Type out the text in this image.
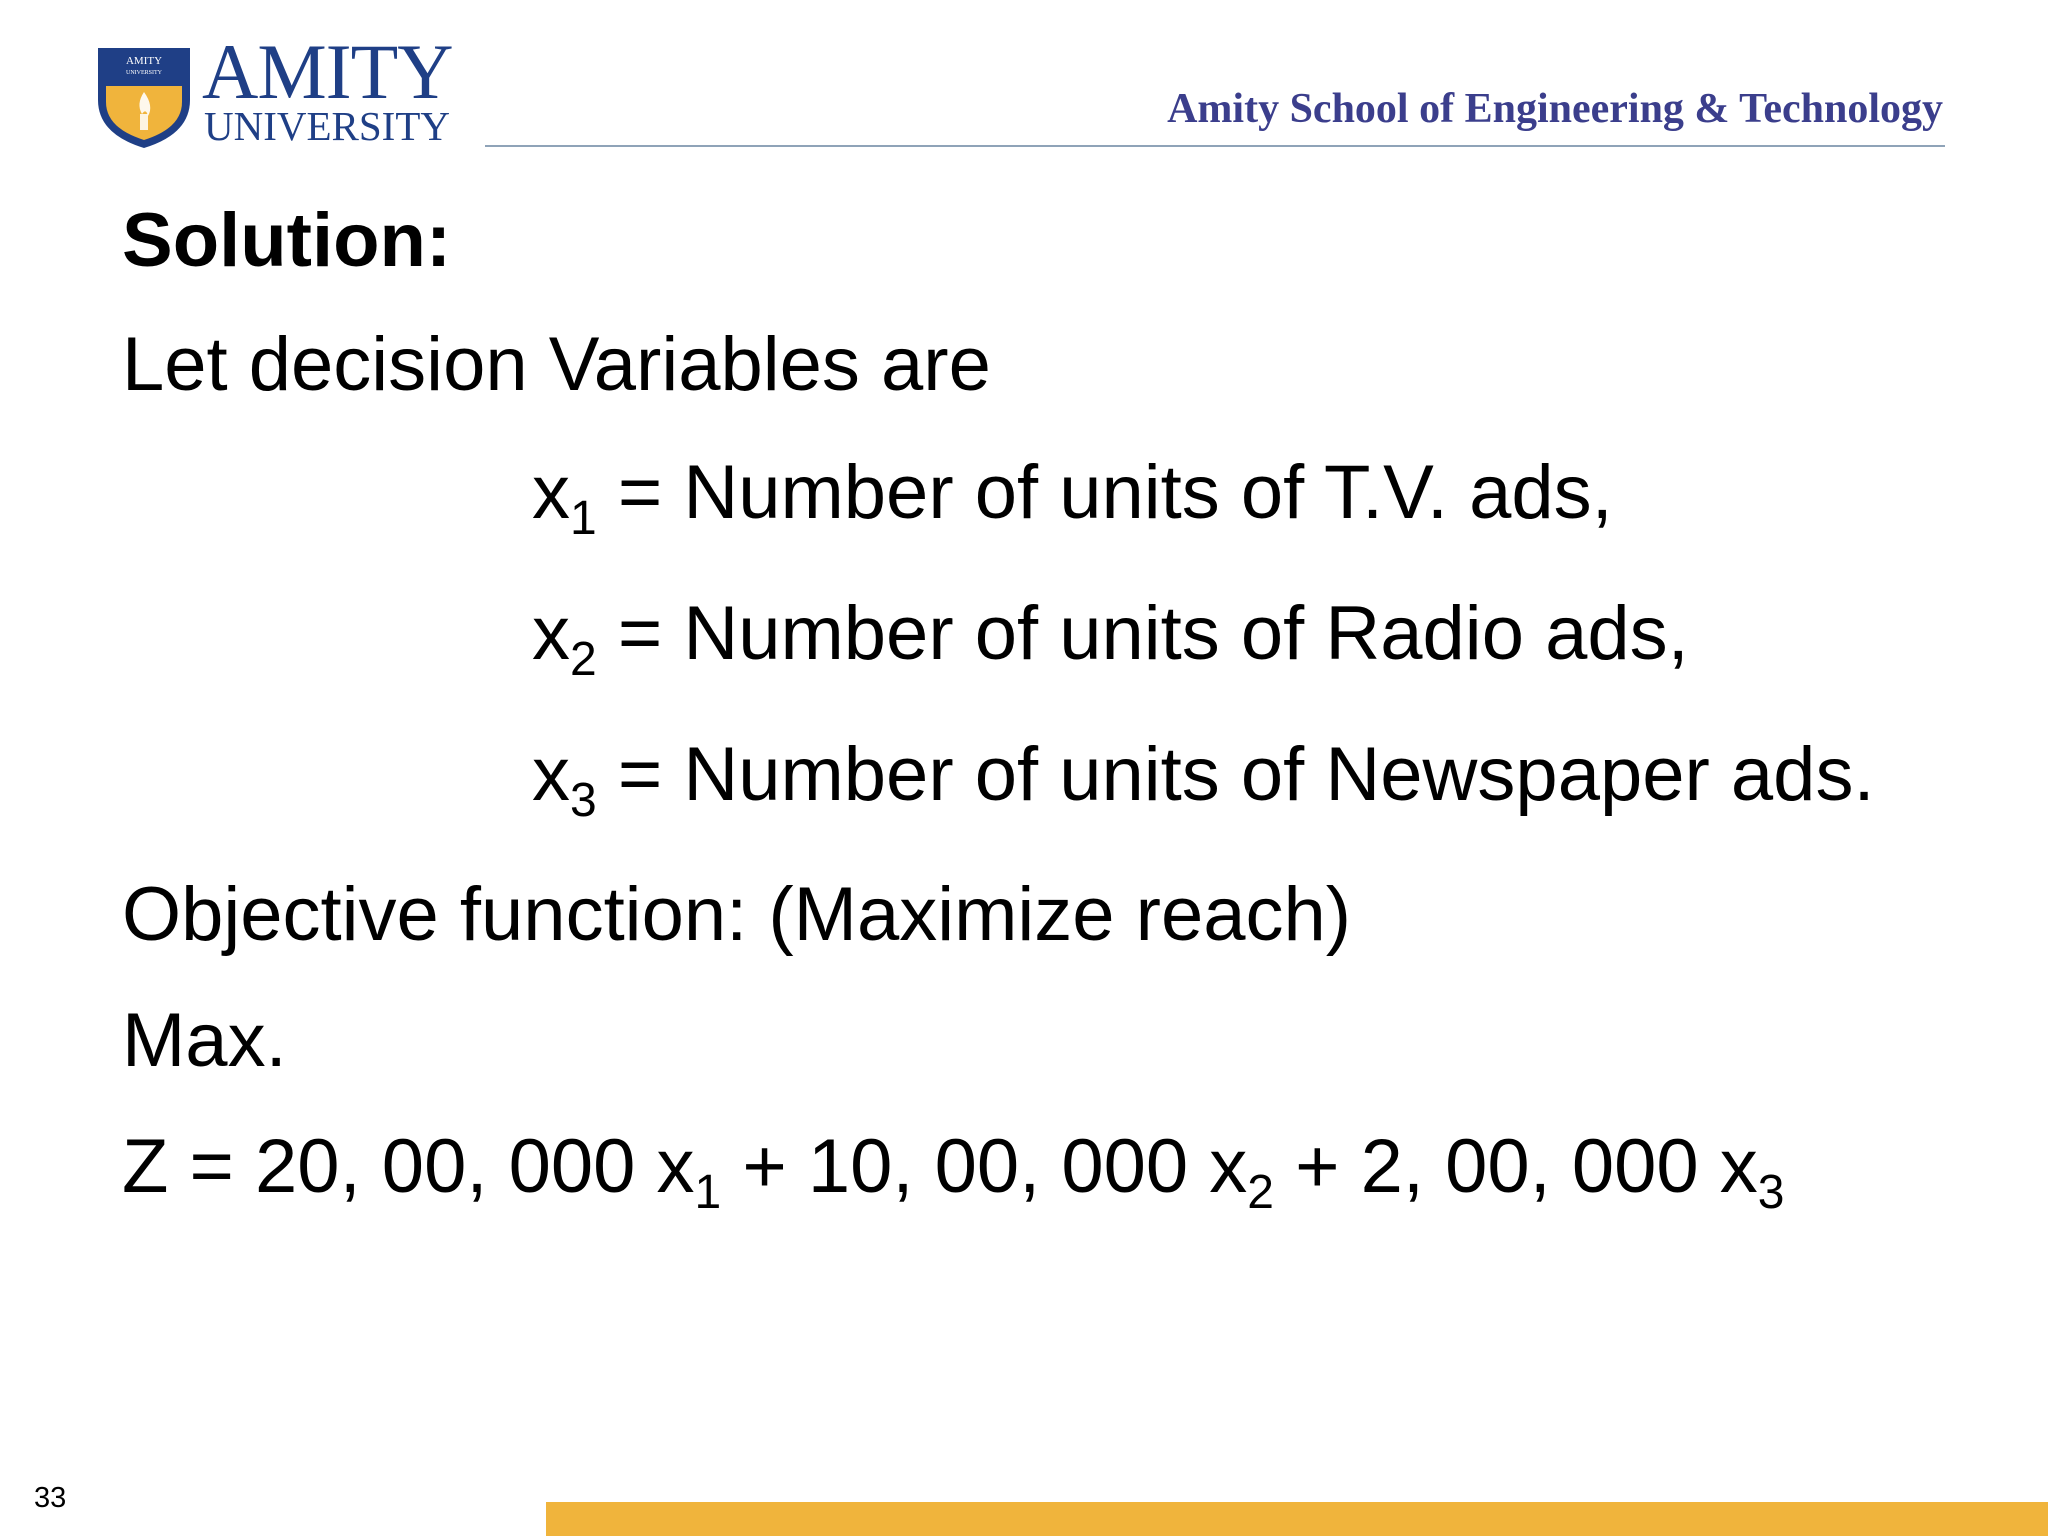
AMITY
UNIVERSITY AMITY
UNIVERSITY	Amity School of Engineering & Technology
Solution:
Let decision Variables are
$x_1$ = Number of units of T.V. ads,
$x_2$ = Number of units of Radio ads,
$x_3$ = Number of units of Newspaper ads.
Objective function: (Maximize reach)
Max.
Z = 20, 00, 000 $x_1 + 10$, 00, 000 $x_2 + 2$, 00, 000 $x_3$
33
